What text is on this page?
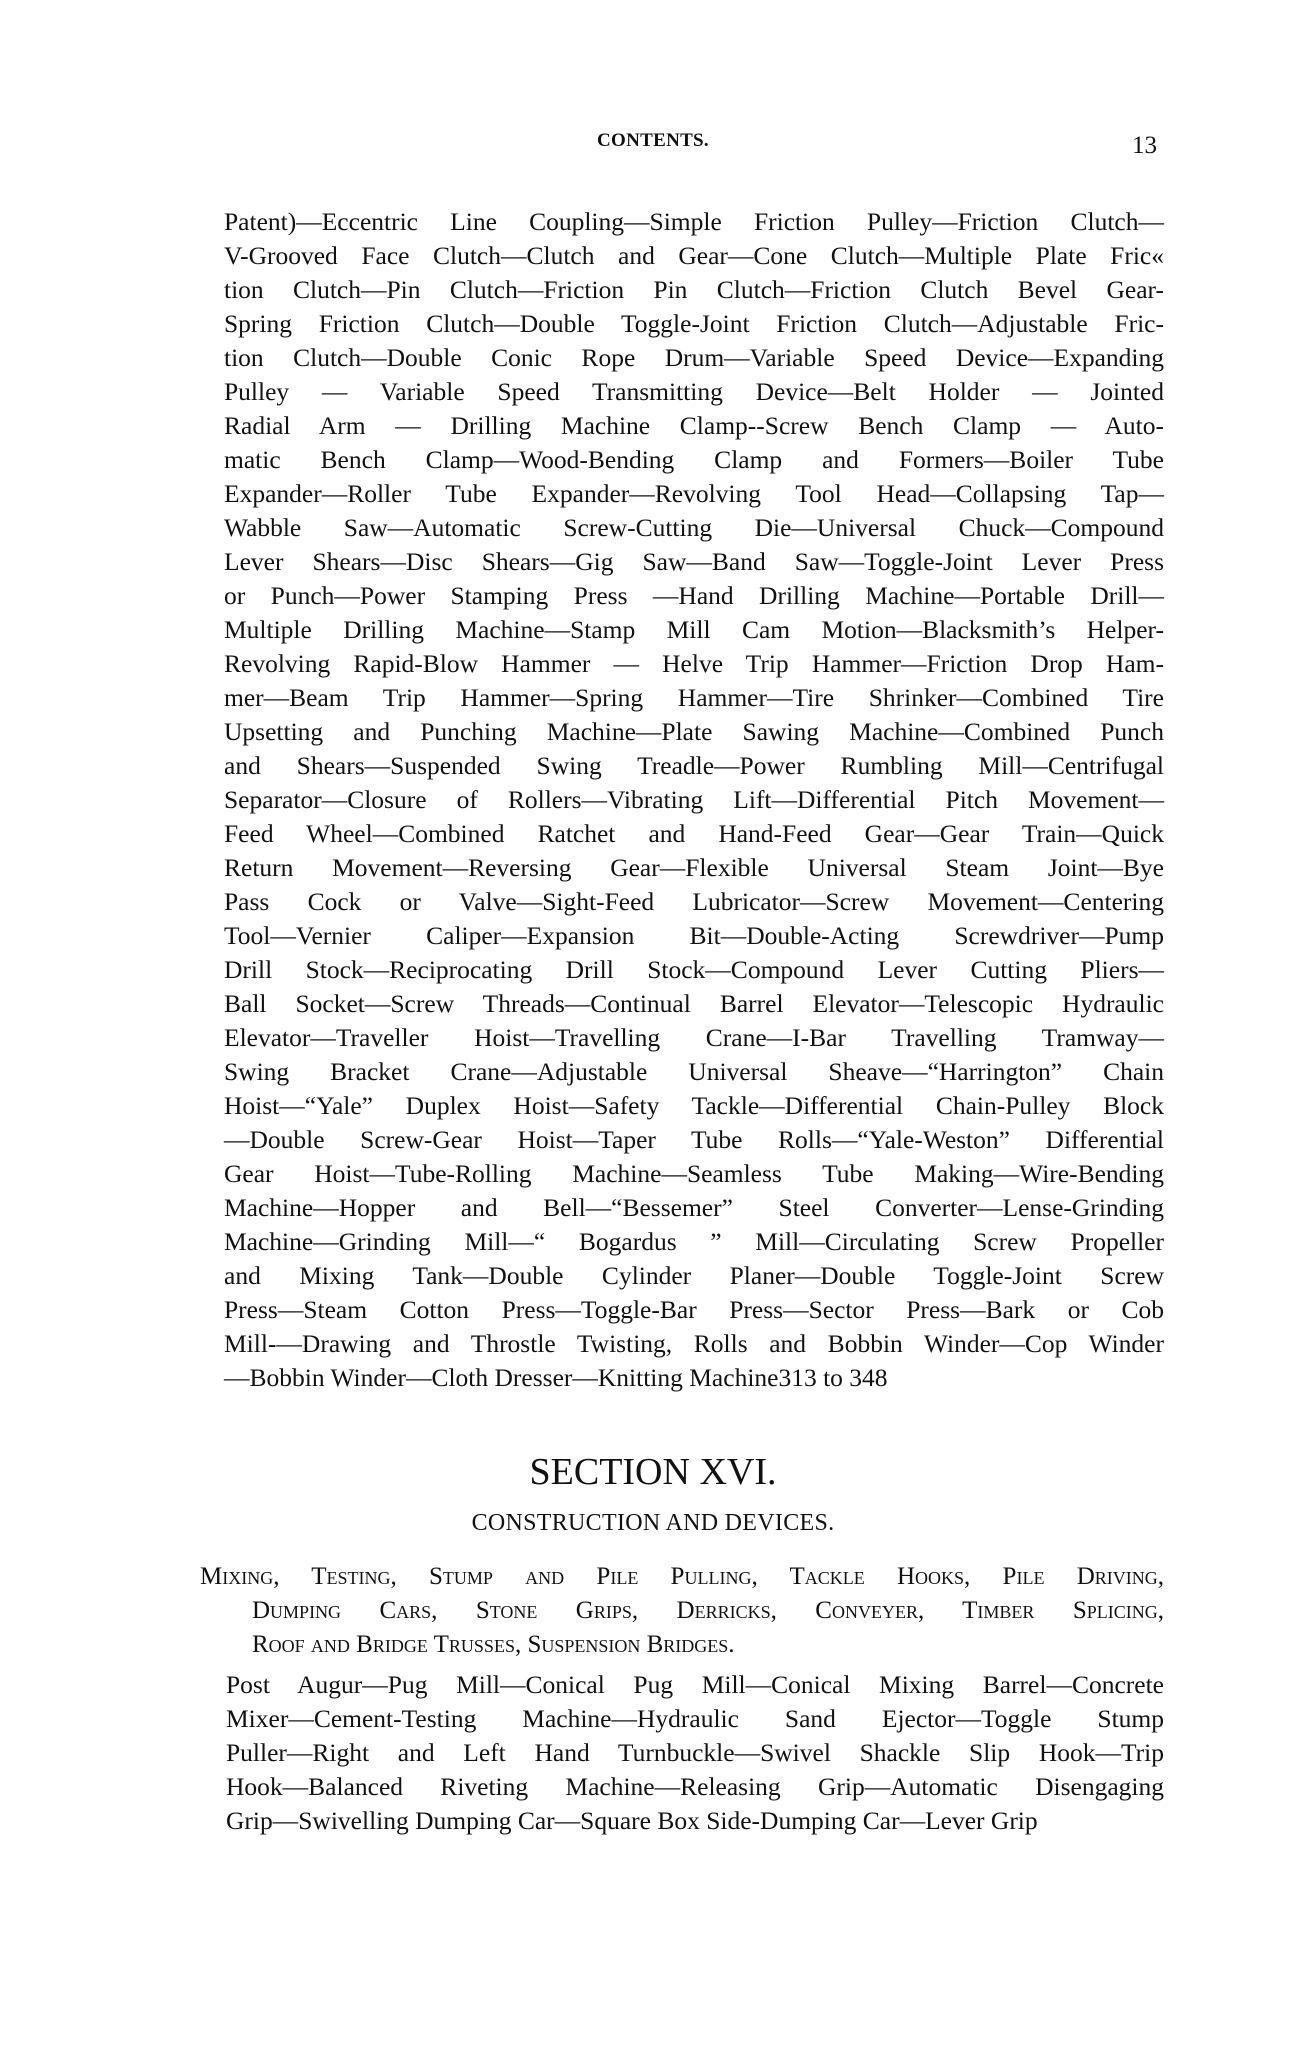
CONTENTS.	13
Patent)—Eccentric Line Coupling—Simple Friction Pulley—Friction Clutch—
V-Grooved Face Clutch—Clutch and Gear—Cone Clutch—Multiple Plate Fric«
tion Clutch—Pin Clutch—Friction Pin Clutch—Friction Clutch Bevel Gear-
Spring Friction Clutch—Double Toggle-Joint Friction Clutch—Adjustable Fric-
tion Clutch—Double Conic Rope Drum—Variable Speed Device—Expanding
Pulley — Variable Speed Transmitting Device—Belt Holder — Jointed
Radial Arm — Drilling Machine Clamp--Screw Bench Clamp — Auto-
matic Bench Clamp—Wood-Bending Clamp and Formers—Boiler Tube
Expander—Roller Tube Expander—Revolving Tool Head—Collapsing Tap—
Wabble Saw—Automatic Screw-Cutting Die—Universal Chuck—Compound
Lever Shears—Disc Shears—Gig Saw—Band Saw—Toggle-Joint Lever Press
or Punch—Power Stamping Press —Hand Drilling Machine—Portable Drill—
Multiple Drilling Machine—Stamp Mill Cam Motion—Blacksmith’s Helper-
Revolving Rapid-Blow Hammer — Helve Trip Hammer—Friction Drop Ham-
mer—Beam Trip Hammer—Spring Hammer—Tire Shrinker—Combined Tire
Upsetting and Punching Machine—Plate Sawing Machine—Combined Punch
and Shears—Suspended Swing Treadle—Power Rumbling Mill—Centrifugal
Separator—Closure of Rollers—Vibrating Lift—Differential Pitch Movement—
Feed Wheel—Combined Ratchet and Hand-Feed Gear—Gear Train—Quick
Return Movement—Reversing Gear—Flexible Universal Steam Joint—Bye
Pass Cock or Valve—Sight-Feed Lubricator—Screw Movement—Centering
Tool—Vernier Caliper—Expansion Bit—Double-Acting Screwdriver—Pump
Drill Stock—Reciprocating Drill Stock—Compound Lever Cutting Pliers—
Ball Socket—Screw Threads—Continual Barrel Elevator—Telescopic Hydraulic
Elevator—Traveller Hoist—Travelling Crane—I-Bar Travelling Tramway—
Swing Bracket Crane—Adjustable Universal Sheave—“Harrington” Chain
Hoist—“Yale” Duplex Hoist—Safety Tackle—Differential Chain-Pulley Block
—Double Screw-Gear Hoist—Taper Tube Rolls—“Yale-Weston” Differential
Gear Hoist—Tube-Rolling Machine—Seamless Tube Making—Wire-Bending
Machine—Hopper and Bell—“Bessemer” Steel Converter—Lense-Grinding
Machine—Grinding Mill—“ Bogardus ” Mill—Circulating Screw Propeller
and Mixing Tank—Double Cylinder Planer—Double Toggle-Joint Screw
Press—Steam Cotton Press—Toggle-Bar Press—Sector Press—Bark or Cob
Mill-—Drawing and Throstle Twisting, Rolls and Bobbin Winder—Cop Winder
—Bobbin Winder—Cloth Dresser—Knitting Machine313 to 348
SECTION XVI.
CONSTRUCTION AND DEVICES.
Mixing, Testing, Stump and Pile Pulling, Tackle Hooks, Pile Driving,
Dumping Cars, Stone Grips, Derricks, Conveyer, Timber Splicing,
Roof and Bridge Trusses, Suspension Bridges.
Post Augur—Pug Mill—Conical Pug Mill—Conical Mixing Barrel—Concrete
Mixer—Cement-Testing Machine—Hydraulic Sand Ejector—Toggle Stump
Puller—Right and Left Hand Turnbuckle—Swivel Shackle Slip Hook—Trip
Hook—Balanced Riveting Machine—Releasing Grip—Automatic Disengaging
Grip—Swivelling Dumping Car—Square Box Side-Dumping Car—Lever Grip
